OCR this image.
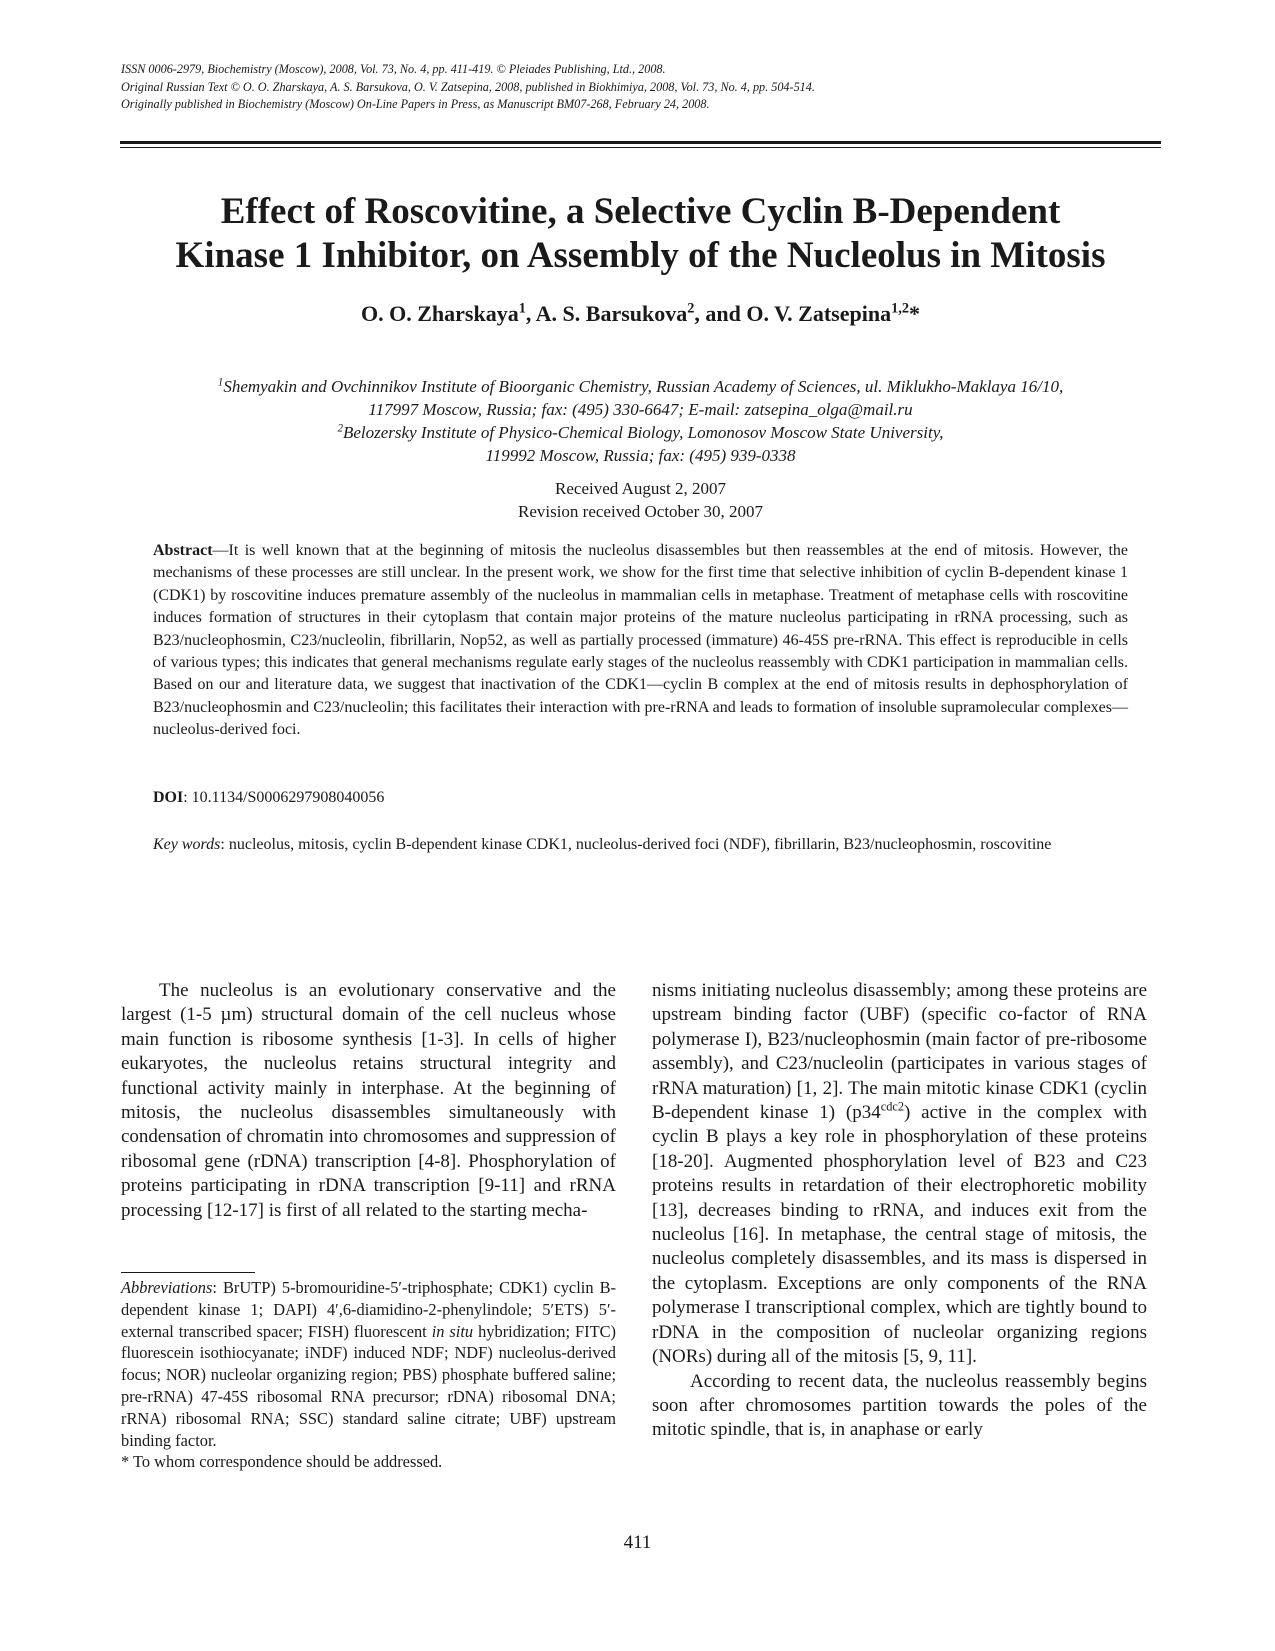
ISSN 0006-2979, Biochemistry (Moscow), 2008, Vol. 73, No. 4, pp. 411-419. © Pleiades Publishing, Ltd., 2008.
Original Russian Text © O. O. Zharskaya, A. S. Barsukova, O. V. Zatsepina, 2008, published in Biokhimiya, 2008, Vol. 73, No. 4, pp. 504-514.
Originally published in Biochemistry (Moscow) On-Line Papers in Press, as Manuscript BM07-268, February 24, 2008.
Effect of Roscovitine, a Selective Cyclin B-Dependent
Kinase 1 Inhibitor, on Assembly of the Nucleolus in Mitosis
O. O. Zharskaya$^1$, A. S. Barsukova$^2$, and O. V. Zatsepina$^{1,2}$*
$^1$Shemyakin and Ovchinnikov Institute of Bioorganic Chemistry, Russian Academy of Sciences, ul. Miklukho-Maklaya 16/10,
117997 Moscow, Russia; fax: (495) 330-6647; E-mail: zatsepina_olga@mail.ru
$^2$Belozersky Institute of Physico-Chemical Biology, Lomonosov Moscow State University,
119992 Moscow, Russia; fax: (495) 939-0338
Received August 2, 2007
Revision received October 30, 2007
Abstract—It is well known that at the beginning of mitosis the nucleolus disassembles but then reassembles at the end of mitosis. However, the mechanisms of these processes are still unclear. In the present work, we show for the first time that selective inhibition of cyclin B-dependent kinase 1 (CDK1) by roscovitine induces premature assembly of the nucleolus in mammalian cells in metaphase. Treatment of metaphase cells with roscovitine induces formation of structures in their cytoplasm that contain major proteins of the mature nucleolus participating in rRNA processing, such as B23/nucleophosmin, C23/nucleolin, fibrillarin, Nop52, as well as partially processed (immature) 46-45S pre-rRNA. This effect is reproducible in cells of various types; this indicates that general mechanisms regulate early stages of the nucleolus reassembly with CDK1 participation in mammalian cells. Based on our and literature data, we suggest that inactivation of the CDK1—cyclin B complex at the end of mitosis results in dephosphorylation of B23/nucleophosmin and C23/nucleolin; this facilitates their interaction with pre-rRNA and leads to formation of insoluble supramolecular complexes—nucleolus-derived foci.
DOI: 10.1134/S0006297908040056
Key words: nucleolus, mitosis, cyclin B-dependent kinase CDK1, nucleolus-derived foci (NDF), fibrillarin, B23/nucleophosmin, roscovitine

The nucleolus is an evolutionary conservative and the largest (1-5 µm) structural domain of the cell nucleus whose main function is ribosome synthesis [1-3]. In cells of higher eukaryotes, the nucleolus retains structural integrity and functional activity mainly in interphase. At the beginning of mitosis, the nucleolus disassembles simultaneously with condensation of chromatin into chromosomes and suppression of ribosomal gene (rDNA) transcription [4-8]. Phosphorylation of proteins participating in rDNA transcription [9-11] and rRNA processing [12-17] is first of all related to the starting mecha-

nisms initiating nucleolus disassembly; among these proteins are upstream binding factor (UBF) (specific co-factor of RNA polymerase I), B23/nucleophosmin (main factor of pre-ribosome assembly), and C23/nucleolin (participates in various stages of rRNA maturation) [1, 2]. The main mitotic kinase CDK1 (cyclin B-dependent kinase 1) $(p34^{cdc2})$ active in the complex with cyclin B plays a key role in phosphorylation of these proteins [18-20]. Augmented phosphorylation level of B23 and C23 proteins results in retardation of their electrophoretic mobility [13], decreases binding to rRNA, and induces exit from the nucleolus [16]. In metaphase, the central stage of mitosis, the nucleolus completely disassembles, and its mass is dispersed in the cytoplasm. Exceptions are only components of the RNA polymerase I transcriptional complex, which are tightly bound to rDNA in the composition of nucleolar organizing regions (NORs) during all of the mitosis [5, 9, 11].

According to recent data, the nucleolus reassembly begins soon after chromosomes partition towards the poles of the mitotic spindle, that is, in anaphase or early

Abbreviations: BrUTP) 5-bromouridine-5′-triphosphate; CDK1) cyclin B-dependent kinase 1; DAPI) 4′,6-diamidino-2-phenylindole; 5′ETS) 5′-external transcribed spacer; FISH) fluorescent in situ hybridization; FITC) fluorescein isothiocyanate; iNDF) induced NDF; NDF) nucleolus-derived focus; NOR) nucleolar organizing region; PBS) phosphate buffered saline; pre-rRNA) 47-45S ribosomal RNA precursor; rDNA) ribosomal DNA; rRNA) ribosomal RNA; SSC) standard saline citrate; UBF) upstream binding factor.

* To whom correspondence should be addressed.

411
